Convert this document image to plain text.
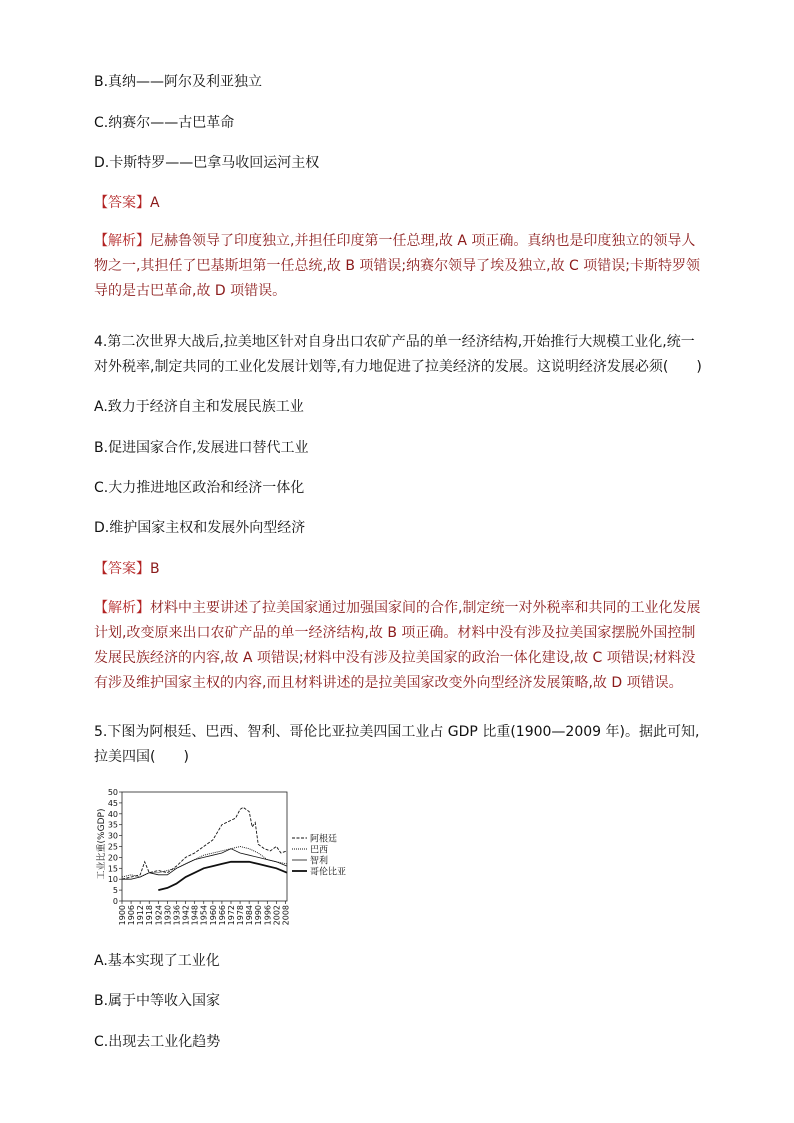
B.真纳——阿尔及利亚独立
C.纳赛尔——古巴革命
D.卡斯特罗——巴拿马收回运河主权
【答案】A
【解析】尼赫鲁领导了印度独立,并担任印度第一任总理,故 A 项正确。真纳也是印度独立的领导人物之一,其担任了巴基斯坦第一任总统,故 B 项错误;纳赛尔领导了埃及独立,故 C 项错误;卡斯特罗领导的是古巴革命,故 D 项错误。
4.第二次世界大战后,拉美地区针对自身出口农矿产品的单一经济结构,开始推行大规模工业化,统一对外税率,制定共同的工业化发展计划等,有力地促进了拉美经济的发展。这说明经济发展必须(　　)
A.致力于经济自主和发展民族工业
B.促进国家合作,发展进口替代工业
C.大力推进地区政治和经济一体化
D.维护国家主权和发展外向型经济
【答案】B
【解析】材料中主要讲述了拉美国家通过加强国家间的合作,制定统一对外税率和共同的工业化发展计划,改变原来出口农矿产品的单一经济结构,故 B 项正确。材料中没有涉及拉美国家摆脱外国控制发展民族经济的内容,故 A 项错误;材料中没有涉及拉美国家的政治一体化建设,故 C 项错误;材料没有涉及维护国家主权的内容,而且材料讲述的是拉美国家改变外向型经济发展策略,故 D 项错误。
5.下图为阿根廷、巴西、智利、哥伦比亚拉美四国工业占 GDP 比重(1900—2009 年)。据此可知,拉美四国(　　)
工业比重(%GDP)
0
5
10
15
20
25
30
35
40
45
50
1900 1906 1912 1918 1924 1930 1936 1942 1948 1954 1960 1966 1972 1978 1984 1990 1996 2002 2008
阿根廷
巴西
智利
哥伦比亚
A.基本实现了工业化
B.属于中等收入国家
C.出现去工业化趋势
